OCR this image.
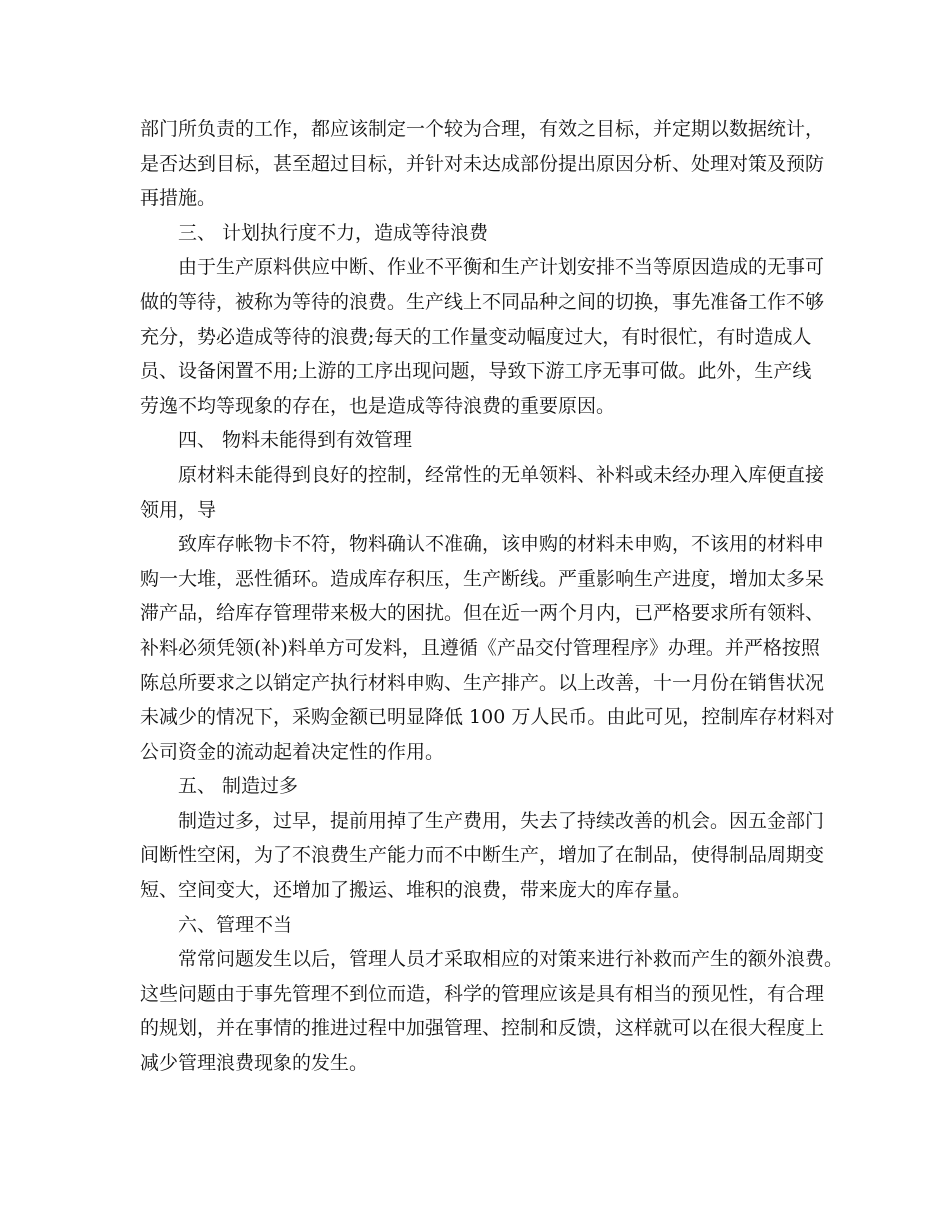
部门所负责的工作，都应该制定一个较为合理，有效之目标，并定期以数据统计，
是否达到目标，甚至超过目标，并针对未达成部份提出原因分析、处理对策及预防
再措施。
三、 计划执行度不力，造成等待浪费
由于生产原料供应中断、作业不平衡和生产计划安排不当等原因造成的无事可
做的等待，被称为等待的浪费。生产线上不同品种之间的切换，事先准备工作不够
充分，势必造成等待的浪费;每天的工作量变动幅度过大，有时很忙，有时造成人
员、设备闲置不用;上游的工序出现问题，导致下游工序无事可做。此外，生产线
劳逸不均等现象的存在，也是造成等待浪费的重要原因。
四、 物料未能得到有效管理
原材料未能得到良好的控制，经常性的无单领料、补料或未经办理入库便直接
领用，导
致库存帐物卡不符，物料确认不准确，该申购的材料未申购，不该用的材料申
购一大堆，恶性循环。造成库存积压，生产断线。严重影响生产进度，增加太多呆
滞产品，给库存管理带来极大的困扰。但在近一两个月内，已严格要求所有领料、
补料必须凭领(补)料单方可发料，且遵循《产品交付管理程序》办理。并严格按照
陈总所要求之以销定产执行材料申购、生产排产。以上改善，十一月份在销售状况
未减少的情况下，采购金额已明显降低 100 万人民币。由此可见，控制库存材料对
公司资金的流动起着决定性的作用。
五、 制造过多
制造过多，过早，提前用掉了生产费用，失去了持续改善的机会。因五金部门
间断性空闲，为了不浪费生产能力而不中断生产，增加了在制品，使得制品周期变
短、空间变大，还增加了搬运、堆积的浪费，带来庞大的库存量。
六、管理不当
常常问题发生以后，管理人员才采取相应的对策来进行补救而产生的额外浪费。
这些问题由于事先管理不到位而造，科学的管理应该是具有相当的预见性，有合理
的规划，并在事情的推进过程中加强管理、控制和反馈，这样就可以在很大程度上
减少管理浪费现象的发生。
